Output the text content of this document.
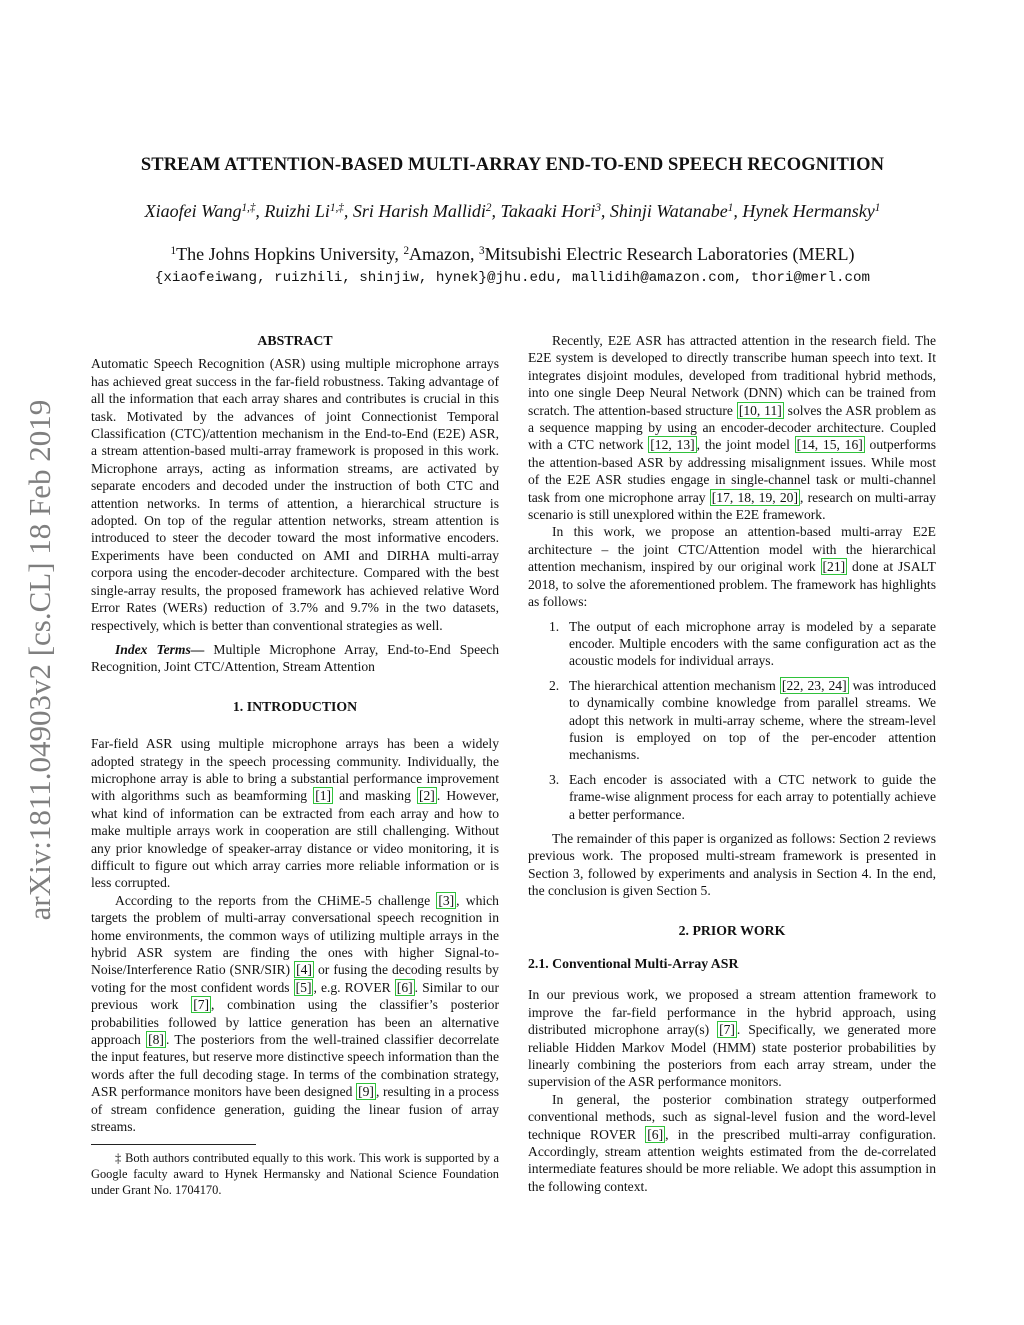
arXiv:1811.04903v2 [cs.CL] 18 Feb 2019
STREAM ATTENTION-BASED MULTI-ARRAY END-TO-END SPEECH RECOGNITION
Xiaofei Wang$^{1,\ddagger}$, Ruizhi $Li^{1,\ddagger}$, Sri Harish Mallidi$^2$, Takaaki Hori$^3$, Shinji Watanabe$^1$, Hynek Hermansky$^1$
$^1$The Johns Hopkins University, $^2$Amazon, $^3$Mitsubishi Electric Research Laboratories (MERL)
{xiaofeiwang, ruizhili, shinjiw, hynek}@jhu.edu, mallidih@amazon.com, thori@merl.com

ABSTRACT

Automatic Speech Recognition (ASR) using multiple microphone arrays has achieved great success in the far-field robustness. Taking advantage of all the information that each array shares and contributes is crucial in this task. Motivated by the advances of joint Connectionist Temporal Classification (CTC)/attention mechanism in the End-to-End (E2E) ASR, a stream attention-based multi-array framework is proposed in this work. Microphone arrays, acting as information streams, are activated by separate encoders and decoded under the instruction of both CTC and attention networks. In terms of attention, a hierarchical structure is adopted. On top of the regular attention networks, stream attention is introduced to steer the decoder toward the most informative encoders. Experiments have been conducted on AMI and DIRHA multi-array corpora using the encoder-decoder architecture. Compared with the best single-array results, the proposed framework has achieved relative Word Error Rates (WERs) reduction of 3.7% and 9.7% in the two datasets, respectively, which is better than conventional strategies as well.

Index Terms— Multiple Microphone Array, End-to-End Speech Recognition, Joint CTC/Attention, Stream Attention

1. INTRODUCTION

Far-field ASR using multiple microphone arrays has been a widely adopted strategy in the speech processing community. Individually, the microphone array is able to bring a substantial performance improvement with algorithms such as beamforming [1] and masking [2] . However, what kind of information can be extracted from each array and how to make multiple arrays work in cooperation are still challenging. Without any prior knowledge of speaker-array distance or video monitoring, it is difficult to figure out which array carries more reliable information or is less corrupted.

According to the reports from the CHiME-5 challenge [3] , which targets the problem of multi-array conversational speech recognition in home environments, the common ways of utilizing multiple arrays in the hybrid ASR system are finding the ones with higher Signal-to-Noise/Interference Ratio (SNR/SIR) [4] or fusing the decoding results by voting for the most confident words [5] , e.g. ROVER [6] . Similar to our previous work [7] , combination using the classifier’s posterior probabilities followed by lattice generation has been an alternative approach [8] . The posteriors from the well-trained classifier decorrelate the input features, but reserve more distinctive speech information than the words after the full decoding stage. In terms of the combination strategy, ASR performance monitors have been designed [9] , resulting in a process of stream confidence generation, guiding the linear fusion of array streams.

‡ Both authors contributed equally to this work. This work is supported by a Google faculty award to Hynek Hermansky and National Science Foundation under Grant No. 1704170.

Recently, E2E ASR has attracted attention in the research field. The E2E system is developed to directly transcribe human speech into text. It integrates disjoint modules, developed from traditional hybrid methods, into one single Deep Neural Network (DNN) which can be trained from scratch. The attention-based structure [10, 11] solves the ASR problem as a sequence mapping by using an encoder-decoder architecture. Coupled with a CTC network [12, 13] , the joint model [14, 15, 16] outperforms the attention-based ASR by addressing misalignment issues. While most of the E2E ASR studies engage in single-channel task or multi-channel task from one microphone array [17, 18, 19, 20] , research on multi-array scenario is still unexplored within the E2E framework.

In this work, we propose an attention-based multi-array E2E architecture – the joint CTC/Attention model with the hierarchical attention mechanism, inspired by our original work [21] done at JSALT 2018, to solve the aforementioned problem. The framework has highlights as follows:

1. The output of each microphone array is modeled by a separate encoder. Multiple encoders with the same configuration act as the acoustic models for individual arrays.
2. The hierarchical attention mechanism [22, 23, 24] was introduced to dynamically combine knowledge from parallel streams. We adopt this network in multi-array scheme, where the stream-level fusion is employed on top of the per-encoder attention mechanisms.
3. Each encoder is associated with a CTC network to guide the frame-wise alignment process for each array to potentially achieve a better performance.

The remainder of this paper is organized as follows: Section 2 reviews previous work. The proposed multi-stream framework is presented in Section 3, followed by experiments and analysis in Section 4. In the end, the conclusion is given Section 5.

2. PRIOR WORK

2.1. Conventional Multi-Array ASR

In our previous work, we proposed a stream attention framework to improve the far-field performance in the hybrid approach, using distributed microphone array(s) [7] . Specifically, we generated more reliable Hidden Markov Model (HMM) state posterior probabilities by linearly combining the posteriors from each array stream, under the supervision of the ASR performance monitors.

In general, the posterior combination strategy outperformed conventional methods, such as signal-level fusion and the word-level technique ROVER [6] , in the prescribed multi-array configuration. Accordingly, stream attention weights estimated from the de-correlated intermediate features should be more reliable. We adopt this assumption in the following context.
